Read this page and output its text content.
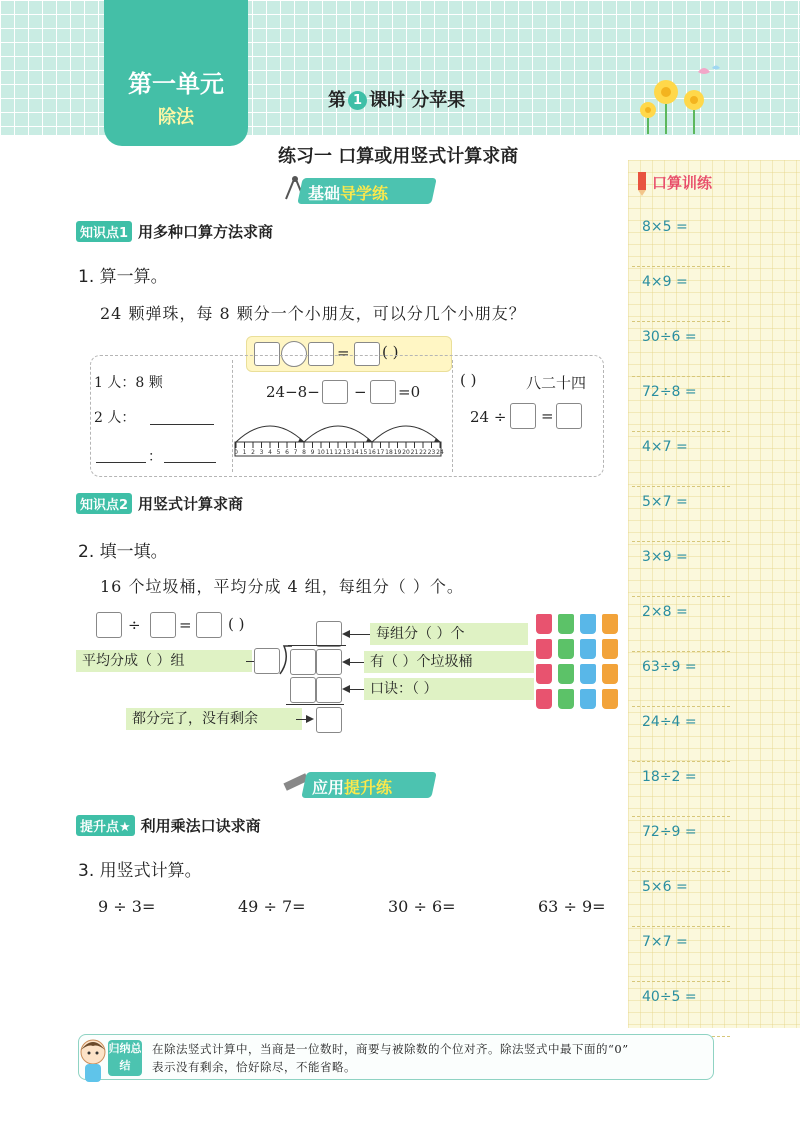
第一单元
除法
第 1 课时 分苹果
练习一 口算或用竖式计算求商
口算训练
8×5 =
4×9 =
30÷6 =
72÷8 =
4×7 =
5×7 =
3×9 =
2×8 =
63÷9 =
24÷4 =
18÷2 =
72÷9 =
5×6 =
7×7 =
40÷5 =
基础导学练
知识点1 用多种口算方法求商
1. 算一算。
24 颗弹珠，每 8 颗分一个小朋友，可以分几个小朋友？
= ( )
1 人：8 颗
2 人：
：
24−8− − =0
0 1 2 3 4 5 6 7 8 9 10 11 12 13 14 15 16 17 18 19 20 21 22 23 24
( )	八二十四
24 ÷ =
知识点2 用竖式计算求商
2. 填一填。
16 个垃圾桶，平均分成 4 组，每组分（ ）个。
÷	= ( )
每组分（ ）个
平均分成（ ）组	有（ ）个垃圾桶
口诀：（ ）
都分完了，没有剩余
应用提升练
提升点★ 利用乘法口诀求商
3. 用竖式计算。
9 ÷ 3=	49 ÷ 7=	30 ÷ 6=	63 ÷ 9=
归纳总结
在除法竖式计算中，当商是一位数时，商要与被除数的个位对齐。除法竖式中最下面的“0”
表示没有剩余，恰好除尽，不能省略。
